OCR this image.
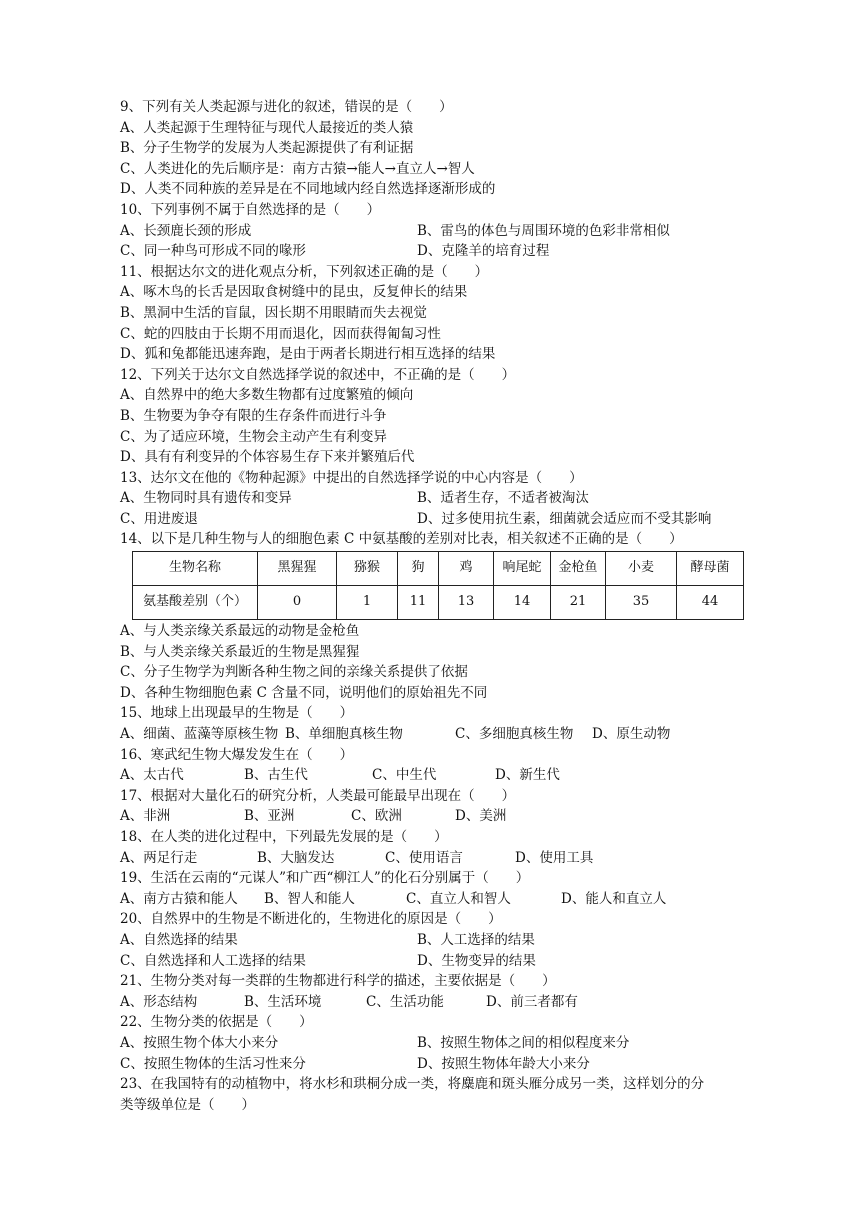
9、下列有关人类起源与进化的叙述，错误的是（　　）
A、人类起源于生理特征与现代人最接近的类人猿
B、分子生物学的发展为人类起源提供了有利证据
C、人类进化的先后顺序是：南方古猿→能人→直立人→智人
D、人类不同种族的差异是在不同地域内经自然选择逐渐形成的
10、下列事例不属于自然选择的是（　　）
A、长颈鹿长颈的形成	B、雷鸟的体色与周围环境的色彩非常相似
C、同一种鸟可形成不同的喙形	D、克隆羊的培育过程
11、根据达尔文的进化观点分析，下列叙述正确的是（　　）
A、啄木鸟的长舌是因取食树缝中的昆虫，反复伸长的结果
B、黑洞中生活的盲鼠，因长期不用眼睛而失去视觉
C、蛇的四肢由于长期不用而退化，因而获得匍匐习性
D、狐和兔都能迅速奔跑，是由于两者长期进行相互选择的结果
12、下列关于达尔文自然选择学说的叙述中，不正确的是（　　）
A、自然界中的绝大多数生物都有过度繁殖的倾向
B、生物要为争夺有限的生存条件而进行斗争
C、为了适应环境，生物会主动产生有利变异
D、具有有利变异的个体容易生存下来并繁殖后代
13、达尔文在他的《物种起源》中提出的自然选择学说的中心内容是（　　）
A、生物同时具有遗传和变异	B、适者生存，不适者被淘汰
C、用进废退	D、过多使用抗生素，细菌就会适应而不受其影响
14、以下是几种生物与人的细胞色素 C 中氨基酸的差别对比表，相关叙述不正确的是（　　）
生物名称	黑猩猩	猕猴	狗	鸡	响尾蛇	金枪鱼	小麦	酵母菌
氨基酸差别（个）	0	1	11	13	14	21	35	44
A、与人类亲缘关系最远的动物是金枪鱼
B、与人类亲缘关系最近的生物是黑猩猩
C、分子生物学为判断各种生物之间的亲缘关系提供了依据
D、各种生物细胞色素 C 含量不同，说明他们的原始祖先不同
15、地球上出现最早的生物是（　　）
A、细菌、蓝藻等原核生物 B、单细胞真核生物	C、多细胞真核生物	D、原生动物
16、寒武纪生物大爆发发生在（　　）
A、太古代	B、古生代	C、中生代	D、新生代
17、根据对大量化石的研究分析，人类最可能最早出现在（　　）
A、非洲	B、亚洲	C、欧洲	D、美洲
18、在人类的进化过程中，下列最先发展的是（　　）
A、两足行走	B、大脑发达	C、使用语言	D、使用工具
19、生活在云南的“元谋人”和广西“柳江人”的化石分别属于（　　）
A、南方古猿和能人	B、智人和能人	C、直立人和智人	D、能人和直立人
20、自然界中的生物是不断进化的，生物进化的原因是（　　）
A、自然选择的结果	B、人工选择的结果
C、自然选择和人工选择的结果	D、生物变异的结果
21、生物分类对每一类群的生物都进行科学的描述，主要依据是（　　）
A、形态结构	B、生活环境	C、生活功能	D、前三者都有
22、生物分类的依据是（　　）
A、按照生物个体大小来分	B、按照生物体之间的相似程度来分
C、按照生物体的生活习性来分	D、按照生物体年龄大小来分
23、在我国特有的动植物中，将水杉和珙桐分成一类，将麋鹿和斑头雁分成另一类，这样划分的分
类等级单位是（　　）
